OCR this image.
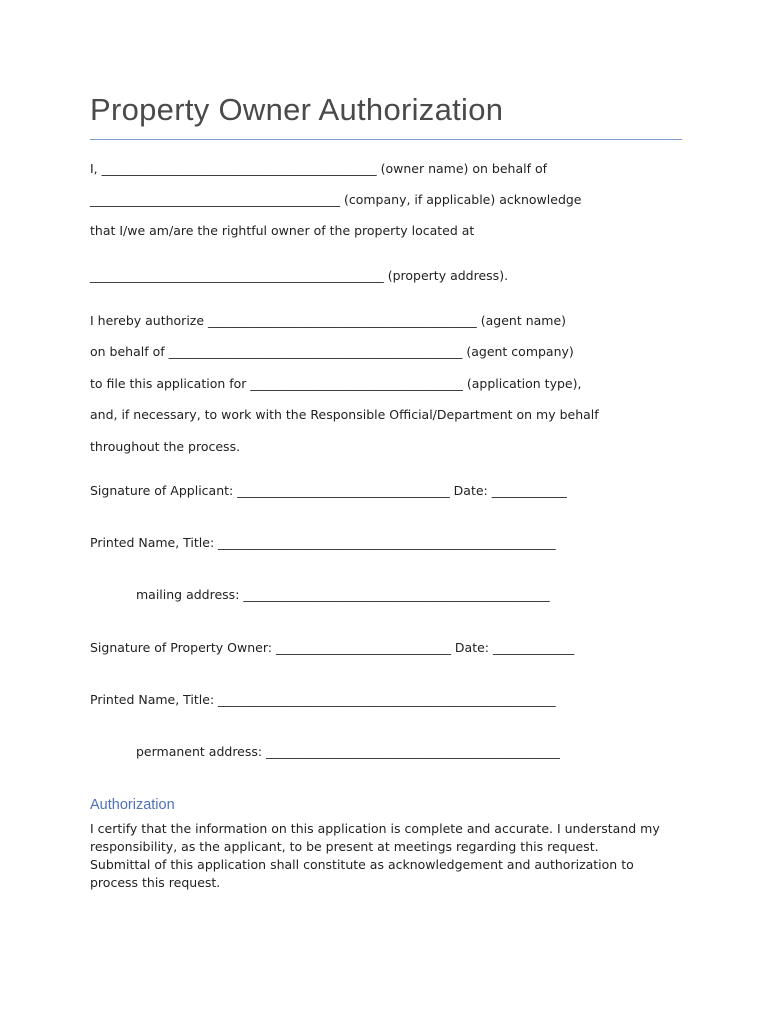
Property Owner Authorization
I, ____________________________________________ (owner name) on behalf of
________________________________________ (company, if applicable) acknowledge
that I/we am/are the rightful owner of the property located at
_______________________________________________ (property address).
I hereby authorize ___________________________________________ (agent name)
on behalf of _______________________________________________ (agent company)
to file this application for __________________________________ (application type),
and, if necessary, to work with the Responsible Official/Department on my behalf
throughout the process.
Signature of Applicant: __________________________________ Date: ____________
Printed Name, Title: ______________________________________________________
mailing address: _________________________________________________
Signature of Property Owner: ____________________________ Date: _____________
Printed Name, Title: ______________________________________________________
permanent address: _______________________________________________
Authorization
I certify that the information on this application is complete and accurate. I understand my
responsibility, as the applicant, to be present at meetings regarding this request.
Submittal of this application shall constitute as acknowledgement and authorization to
process this request.
